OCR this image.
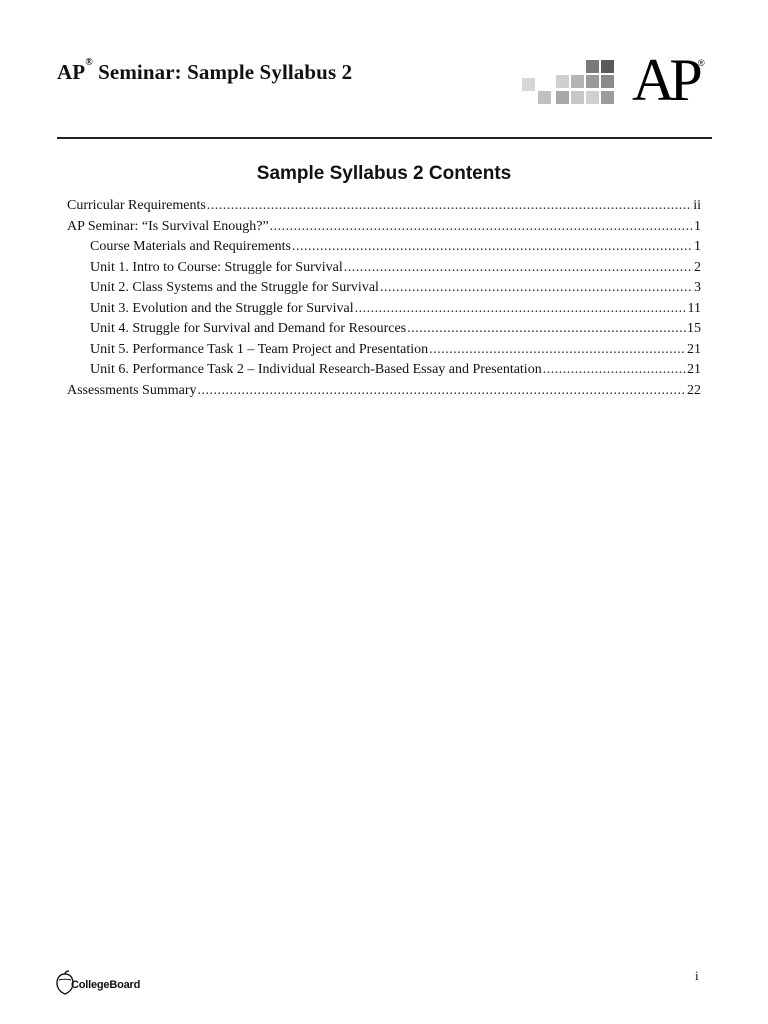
AP® Seminar: Sample Syllabus 2	AP ®
Sample Syllabus 2 Contents
Curricular Requirements .....	ii
AP Seminar: “Is Survival Enough?” .....	1
Course Materials and Requirements .....	1
Unit 1. Intro to Course: Struggle for Survival .....	2
Unit 2. Class Systems and the Struggle for Survival .....	3
Unit 3. Evolution and the Struggle for Survival .....	11
Unit 4. Struggle for Survival and Demand for Resources .....	15
Unit 5. Performance Task 1 – Team Project and Presentation .....	21
Unit 6. Performance Task 2 – Individual Research-Based Essay and Presentation .....	21
Assessments Summary .....	22
CollegeBoard
i
